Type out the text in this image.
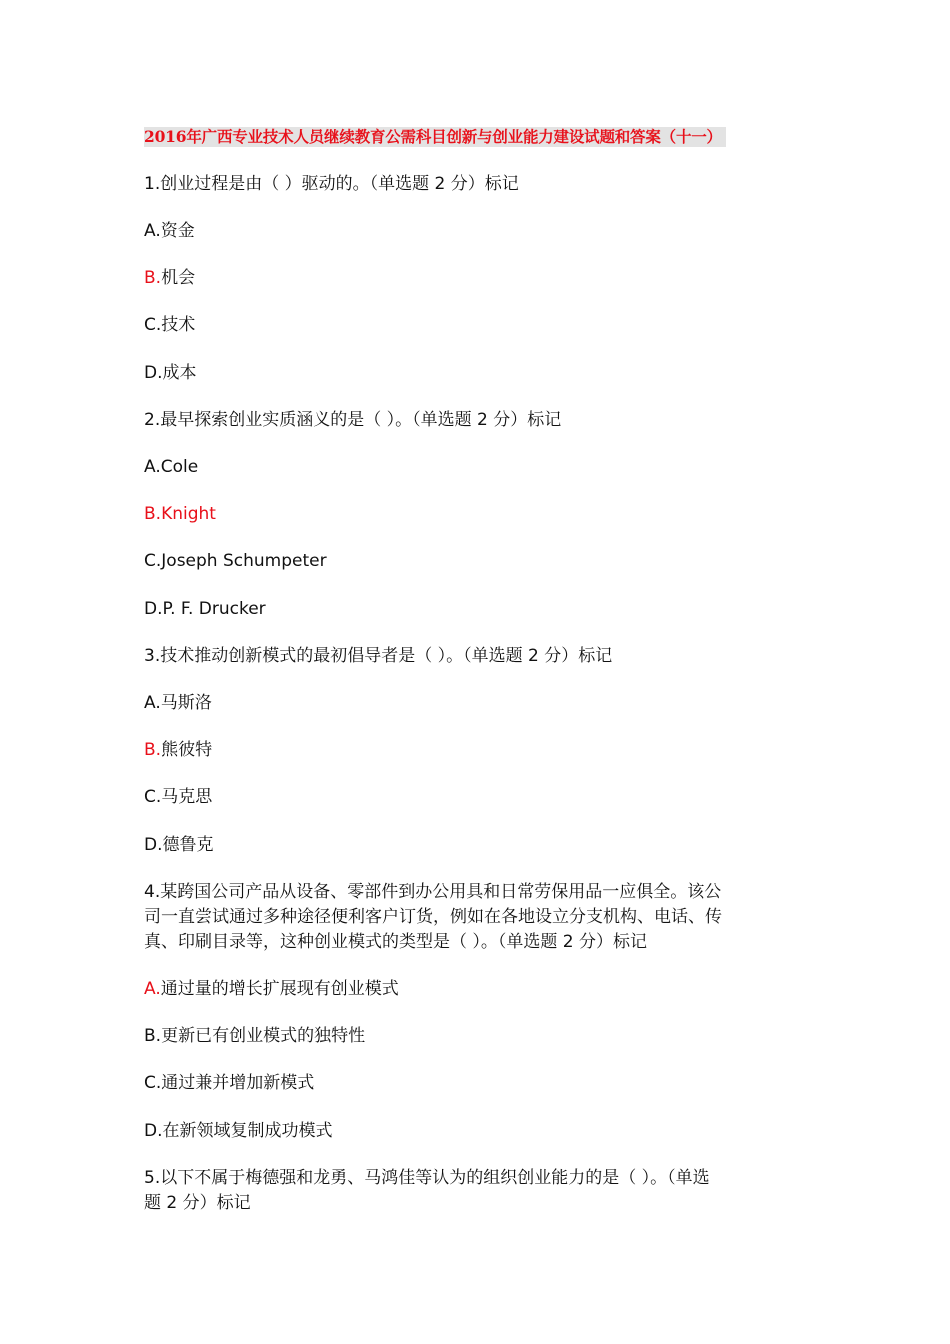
2016年广西专业技术人员继续教育公需科目创新与创业能力建设试题和答案（十一）
1.创业过程是由（ ）驱动的。（单选题 2 分）标记
A.资金
B.机会
C.技术
D.成本
2.最早探索创业实质涵义的是（ ）。（单选题 2 分）标记
A.Cole
B.Knight
C.Joseph Schumpeter
D.P. F. Drucker
3.技术推动创新模式的最初倡导者是（ ）。（单选题 2 分）标记
A.马斯洛
B.熊彼特
C.马克思
D.德鲁克
4.某跨国公司产品从设备、零部件到办公用具和日常劳保用品一应俱全。该公
司一直尝试通过多种途径便利客户订货，例如在各地设立分支机构、电话、传
真、印刷目录等，这种创业模式的类型是（ ）。（单选题 2 分）标记
A.通过量的增长扩展现有创业模式
B.更新已有创业模式的独特性
C.通过兼并增加新模式
D.在新领域复制成功模式
5.以下不属于梅德强和龙勇、马鸿佳等认为的组织创业能力的是（ ）。（单选
题 2 分）标记
